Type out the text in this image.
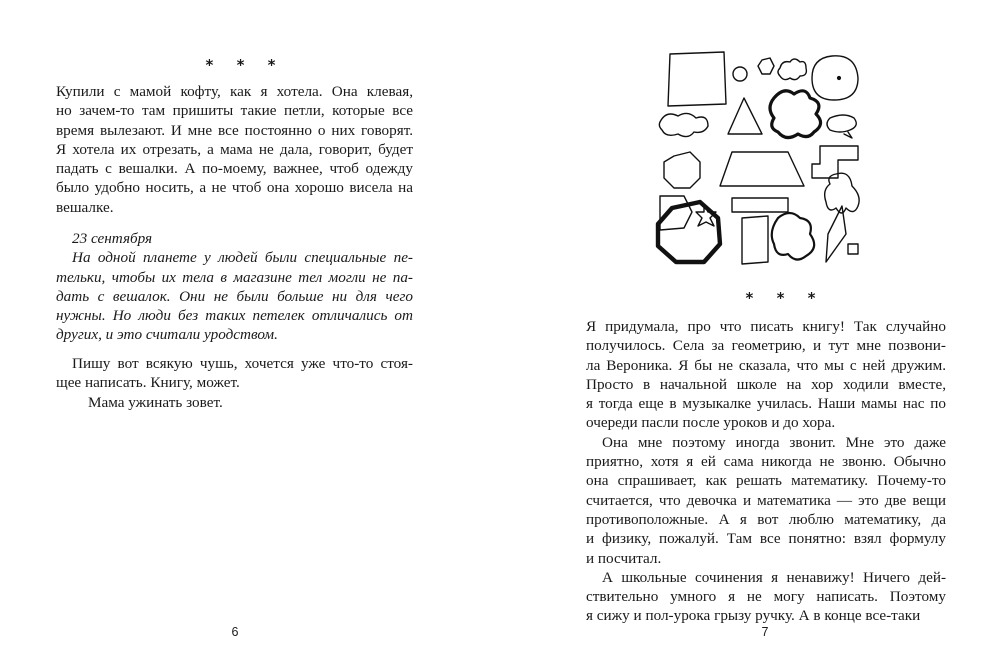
* * *

Купили с мамой кофту, как я хотела. Она клевая,
но зачем-то там пришиты такие петли, которые все
время вылезают. И мне все постоянно о них говорят.
Я хотела их отрезать, а мама не дала, говорит, будет
падать с вешалки. А по-моему, важнее, чтоб одежду
было удобно носить, а не чтоб она хорошо висела на
вешалке.

23 сентября

На одной планете у людей были специальные пе-
тельки, чтобы их тела в магазине тел могли не па-
дать с вешалок. Они не были больше ни для чего
нужны. Но люди без таких петелек отличались от
других, и это считали уродством.

Пишу вот всякую чушь, хочется уже что-то стоя-
щее написать. Книгу, может.

Мама ужинать зовет.

6
* * *

Я придумала, про что писать книгу! Так случайно
получилось. Села за геометрию, и тут мне позвони-
ла Вероника. Я бы не сказала, что мы с ней дружим.
Просто в начальной школе на хор ходили вместе,
я тогда еще в музыкалке училась. Наши мамы нас по
очереди пасли после уроков и до хора.

Она мне поэтому иногда звонит. Мне это даже
приятно, хотя я ей сама никогда не звоню. Обычно
она спрашивает, как решать математику. Почему-то
считается, что девочка и математика — это две вещи
противоположные. А я вот люблю математику, да
и физику, пожалуй. Там все понятно: взял формулу
и посчитал.

А школьные сочинения я ненавижу! Ничего дей-
ствительно умного я не могу написать. Поэтому
я сижу и пол-урока грызу ручку. А в конце все-таки

7
